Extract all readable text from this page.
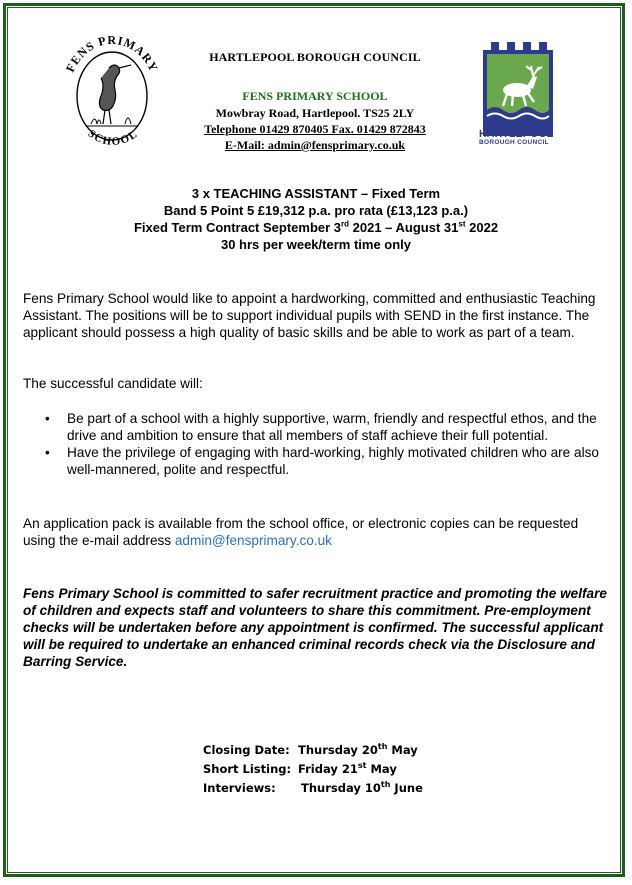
FENS PRIMARY
SCHOOL
HARTLEPOOL BOROUGH COUNCIL
FENS PRIMARY SCHOOL
Mowbray Road, Hartlepool. TS25 2LY
Telephone 01429 870405 Fax. 01429 872843
E-Mail: admin@fensprimary.co.uk
HARTLEPOOL
BOROUGH COUNCIL
3 x TEACHING ASSISTANT – Fixed Term
Band 5 Point 5 £19,312 p.a. pro rata (£13,123 p.a.)
Fixed Term Contract September 3rd 2021 – August 31st 2022
30 hrs per week/term time only
Fens Primary School would like to appoint a hardworking, committed and enthusiastic Teaching Assistant. The positions will be to support individual pupils with SEND in the first instance. The applicant should possess a high quality of basic skills and be able to work as part of a team.
The successful candidate will:
• Be part of a school with a highly supportive, warm, friendly and respectful ethos, and the drive and ambition to ensure that all members of staff achieve their full potential.
• Have the privilege of engaging with hard-working, highly motivated children who are also well-mannered, polite and respectful.
An application pack is available from the school office, or electronic copies can be requested using the e-mail address admin@fensprimary.co.uk
Fens Primary School is committed to safer recruitment practice and promoting the welfare of children and expects staff and volunteers to share this commitment. Pre-employment checks will be undertaken before any appointment is confirmed. The successful applicant will be required to undertake an enhanced criminal records check via the Disclosure and Barring Service.
Closing Date: Thursday 20th May
Short Listing: Friday 21st May
Interviews: Thursday 10th June
